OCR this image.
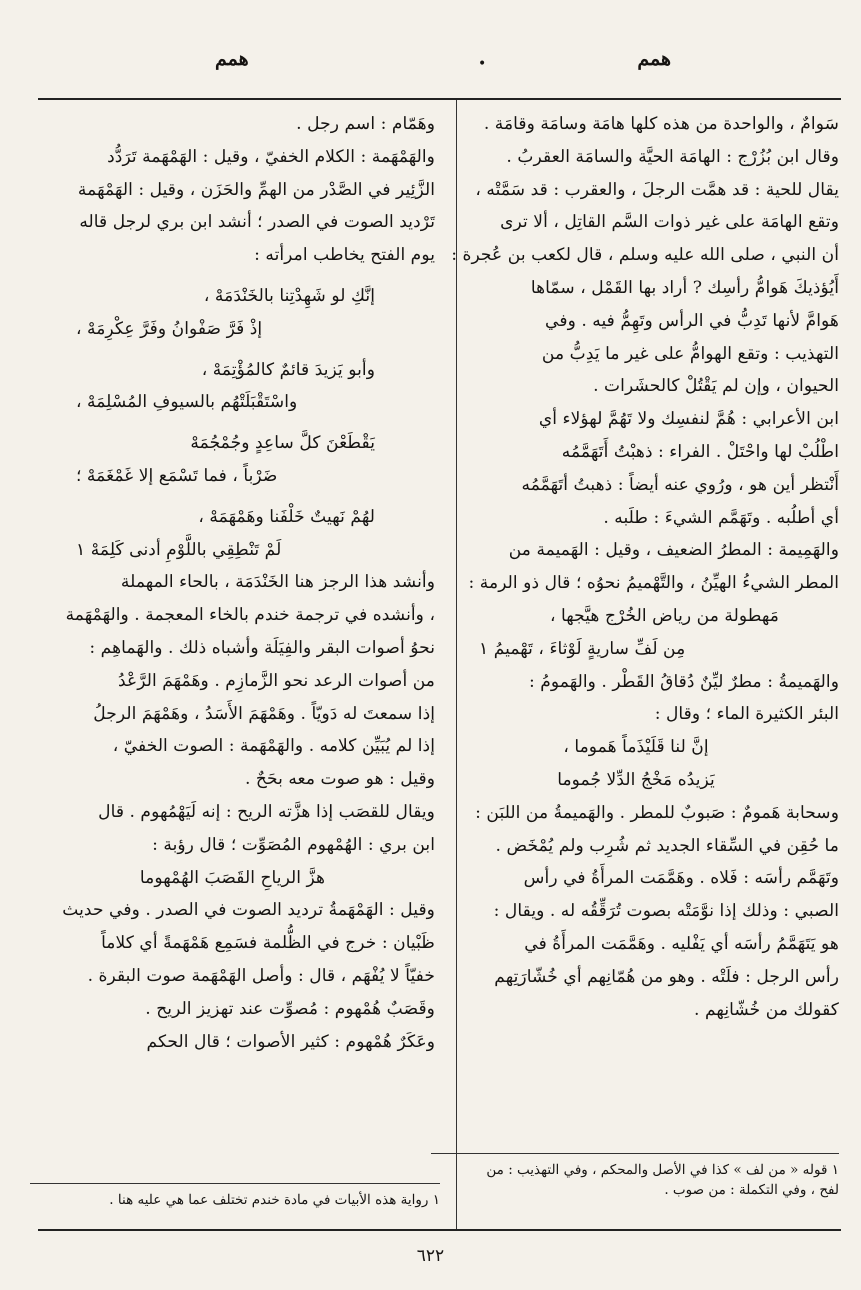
همم
•
همم

سَوامٌ ، والواحدة من هذه كلها هامَة وسامَة وقامَة .

وقال ابن بُزُرْج : الهامَة الحيَّة والسامَة العقربُ .

يقال للحية : قد همَّت الرجلَ ، والعقرب : قد سَمَّتْه ،

وتقع الهامَة على غير ذوات السَّم القاتِل ، ألا ترى

أن النبي ، صلى الله عليه وسلم ، قال لكعب بن عُجرة :

أَيُؤذيكَ هَوامُّ رأسِك ? أراد بها القَمْل ، سمّاها

هَوامَّ لأنها تَدِبُّ في الرأس وتَهِمُّ فيه . وفي

التهذيب : وتقع الهوامُّ على غير ما يَدِبُّ من

الحيوان ، وإن لم يَقْتُلْ كالحشَرات .

ابن الأعرابي : هُمَّ لنفسِك ولا تَهُمَّ لهؤلاء أي

اطْلُبْ لها واحْتَلْ . الفراء : ذهبْتُ أَتَهَمَّمُه

أَنْتظر أين هو ، ورُوي عنه أيضاً : ذهبتُ أتَهَمَّمُه

أي أطلُبه . وتَهَمَّم الشيءَ : طلَبه .

والهَمِيمة : المطرُ الضعيف ، وقيل : الهَميمة من

المطر الشيءُ الهيِّنُ ، والتَّهْميمُ نحوُه ؛ قال ذو الرمة :

مَهطولة من رياض الخُرْج هيَّجها ،

مِن لَفِّ ساريةٍ لَوْثاءَ ، تَهْميمُ ١

والهَميمةُ : مطرٌ ليِّنٌ دُقاقُ القَطْر . والهَمومُ :

البئر الكثيرة الماء ؛ وقال :

إنَّ لنا قَلَيْذَماً هَموما ،

يَزيدُه مَخْجُ الدِّلا جُموما

وسحابة هَمومٌ : صَبوبٌ للمطر . والهَميمةُ من اللبَن :

ما حُقِن في السِّقاء الجديد ثم شُرِب ولم يُمْخَض .

وتَهَمَّم رأسَه : فَلاه . وهَمَّمَت المرأَةُ في رأس

الصبي : وذلك إذا نوَّمَتْه بصوت تُرَقِّقُه له . ويقال :

هو يَتَهَمَّمُ رأسَه أي يَفْليه . وهَمَّمَت المرأَةُ في

رأس الرجل : فلَتْه . وهو من هُمّانِهم أي خُشّارَتِهم

كقولك من خُشّانِهم .

١ قوله « من لف » كذا في الأصل والمحكم ، وفي التهذيب : من
لفح ، وفي التكملة : من صوب .

وهَمّام : اسم رجل .

والهَمْهَمة : الكلام الخفيّ ، وقيل : الهَمْهَمة تَرَدُّد

الزَّئِير في الصَّدْر من الهمِّ والحَزَن ، وقيل : الهَمْهَمة

تَرْديد الصوت في الصدر ؛ أنشد ابن بري لرجل قاله

يوم الفتح يخاطب امرأته :

إنَّكِ لو شَهِدْتِنا بالخَنْدَمَهْ ،

إذْ فَرَّ صَفْوانُ وفَرَّ عِكْرِمَهْ ،

وأبو يَزيدَ قائمٌ كالمُؤْتِمَهْ ،

واسْتَقْبَلَتْهُم بالسيوفِ المُسْلِمَهْ ،

يَقْطَعْنَ كلَّ ساعِدٍ وجُمْجُمَهْ

ضَرْباً ، فما تَسْمَع إلا غَمْغَمَهْ ؛

لهُمْ نَهيتٌ خَلْفَنا وهَمْهَمَهْ ،

لَمْ تَنْطِقِي باللَّوْمِ أدنى كَلِمَهْ ١

وأنشد هذا الرجز هنا الخَنْدَمَة ، بالحاء المهملة

، وأنشده في ترجمة خندم بالخاء المعجمة . والهَمْهَمة

نحوُ أصوات البقر والفِيَلَة وأشباه ذلك . والهَماهِم :

من أصوات الرعد نحو الزَّمازِم . وهَمْهَمَ الرَّعْدُ

إذا سمعتَ له دَويّاً . وهَمْهَمَ الأَسَدُ ، وهَمْهَمَ الرجلُ

إذا لم يُبَيِّن كلامه . والهَمْهَمة : الصوت الخفيّ ،

وقيل : هو صوت معه بحَحٌ .

ويقال للقصَب إذا هزَّته الريح : إنه لَيَهْمُهوم . قال

ابن بري : الهُمْهوم المُصَوِّت ؛ قال رؤبة :

هزَّ الرياحِ القَصَبَ الهُمْهوما

وقيل : الهَمْهَمةُ ترديد الصوت في الصدر . وفي حديث

ظَبْيان : خرج في الظُّلمة فسَمِع هَمْهَمةً أي كلاماً

خفيّاً لا يُفْهَم ، قال : وأصل الهَمْهَمة صوت البقرة .

وقَصَبٌ هُمْهوم : مُصوِّت عند تهزيز الريح .

وعَكَرٌ هُمْهوم : كثير الأصوات ؛ قال الحكم

١ رواية هذه الأبيات في مادة خندم تختلف عما هي عليه هنا .
٦٢٢
